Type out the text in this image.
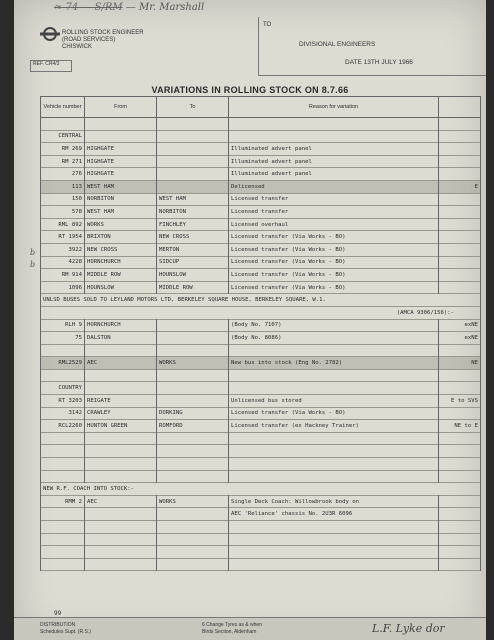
≈ 74 — S/RM — Mr. Marshall
ROLLING STOCK ENGINEER
(ROAD SERVICES)
CHISWICK
REF. CR4/3
TO
DIVISIONAL ENGINEERS
DATE 13TH JULY 1966
VARIATIONS IN ROLLING STOCK ON 8.7.66
Vehicle number	From	To	Reason for variation	

CENTRAL				
RM 269	HIGHGATE		Illuminated advert panel	
RM 271	HIGHGATE		Illuminated advert panel	
276	HIGHGATE		Illuminated advert panel	
113	WEST HAM		Delicensed	E
150	NORBITON	WEST HAM	Licensed transfer	
578	WEST HAM	NORBITON	Licensed transfer	
RML 892	WORKS	FINCHLEY	Licensed overhaul	
RT 1954	BRIXTON	NEW CROSS	Licensed transfer (Via Works - BO)	
3922	NEW CROSS	MERTON	Licensed transfer (Via Works - BO)	
4228	HORNCHURCH	SIDCUP	Licensed transfer (Via Works - BO)	
RM 914	MIDDLE ROW	HOUNSLOW	Licensed transfer (Via Works - BO)	
1096	HOUNSLOW	MIDDLE ROW	Licensed transfer (Via Works - BO)	
UNLSD BUSES SOLD TO LEYLAND MOTORS LTD, BERKELEY SQUARE HOUSE, BERKELEY SQUARE, W.1.				
(AMCA 9306/156):-				
RLH 9	HORNCHURCH		(Body No. 7107)	exNE
75	DALSTON		(Body No. 8086)	exNE

RML2529	AEC	WORKS	New bus into stock (Eng No. 2782)	NE

COUNTRY				
RT 3203	REIGATE		Unlicensed bus stored	E to SVS
3142	CRAWLEY	DORKING	Licensed transfer (Via Works - BO)	
RCL2260	HUNTON GREEN	ROMFORD	Licensed transfer (ex Hackney Trainer)	NE to E

NEW R.F. COACH INTO STOCK:-				
RMM 2	AEC	WORKS	Single Deck Coach: Willowbrook body on	
			AEC 'Reliance' chassis No. 2U3R 6096	

b
b
99
DISTRIBUTION
Schedules Supt. (R.S.)
6 Change Tyres as & when
Birds Section, Aldenham	L.F. Lyke dor
